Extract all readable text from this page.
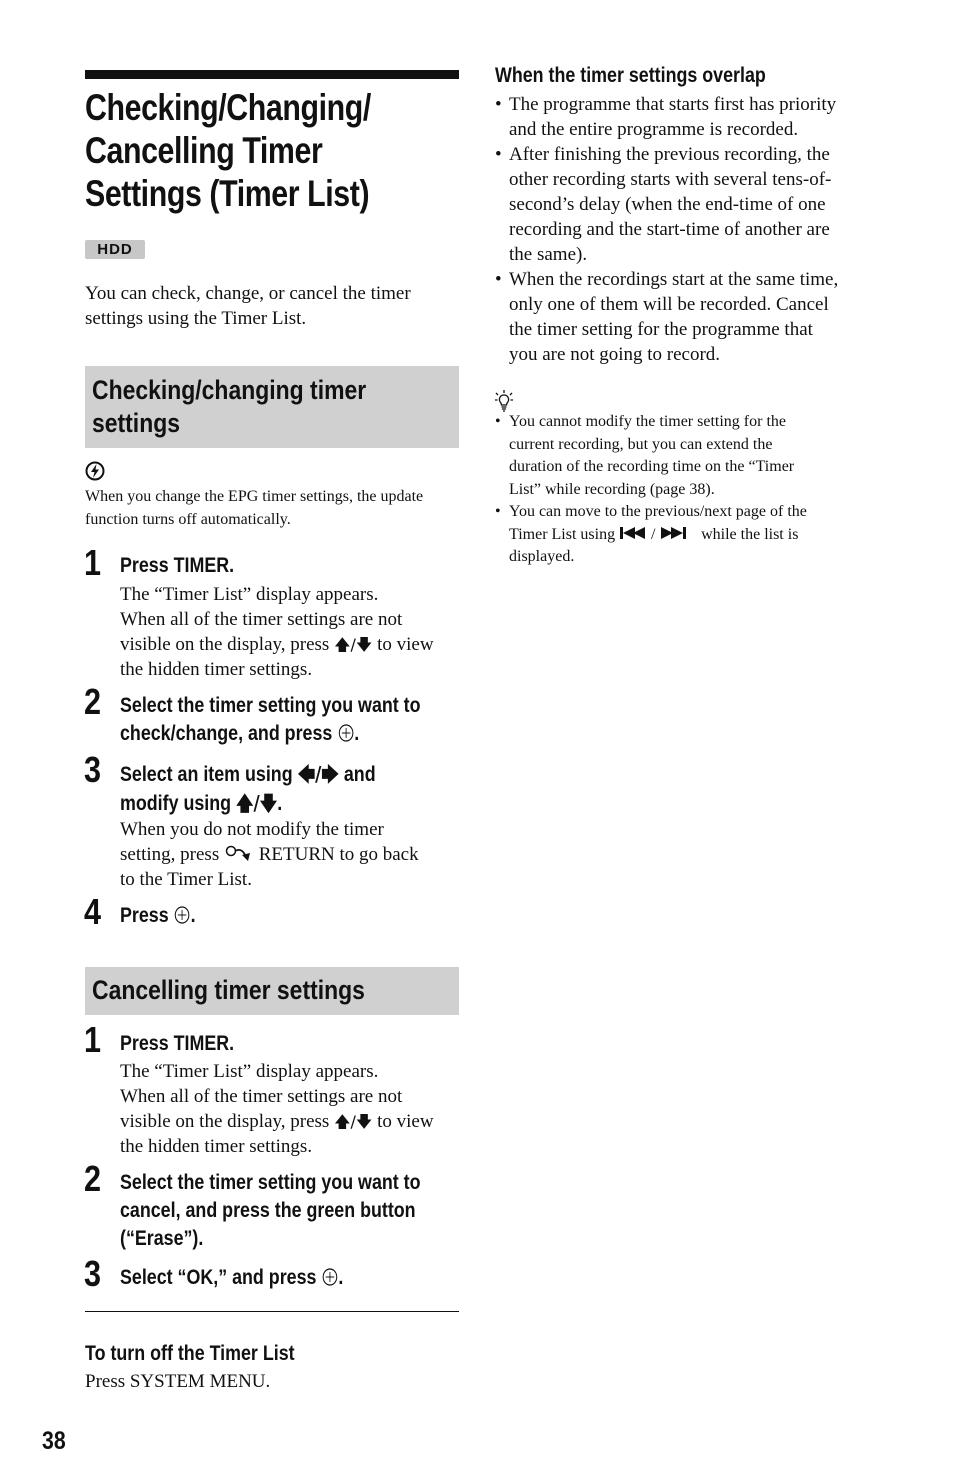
Checking/Changing/
Cancelling Timer
Settings (Timer List)
HDD
You can check, change, or cancel the timer settings using the Timer List.
Checking/changing timer
settings
When you change the EPG timer settings, the update function turns off automatically.
1 Press TIMER.
The “Timer List” display appears.
When all of the timer settings are not
visible on the display, press 🡅/🡇 to view
the hidden timer settings.
2 Select the timer setting you want to
check/change, and press .
3 Select an item using 🡄/🡆 and
modify using 🡅/🡇.
When you do not modify the timer
setting, press RETURN to go back
to the Timer List.
4 Press .
Cancelling timer settings
1 Press TIMER.
The “Timer List” display appears.
When all of the timer settings are not
visible on the display, press 🡅/🡇 to view
the hidden timer settings.
2 Select the timer setting you want to
cancel, and press the green button
(“Erase”).
3 Select “OK,” and press .
To turn off the Timer List
Press SYSTEM MENU.
38
When the timer settings overlap
• The programme that starts first has priority
and the entire programme is recorded.
• After finishing the previous recording, the
other recording starts with several tens-of-
second’s delay (when the end-time of one
recording and the start-time of another are
the same).
• When the recordings start at the same time,
only one of them will be recorded. Cancel
the timer setting for the programme that
you are not going to record.
• You cannot modify the timer setting for the
current recording, but you can extend the
duration of the recording time on the “Timer
List” while recording (page 38).
• You can move to the previous/next page of the
Timer List using /	while the list is
displayed.
